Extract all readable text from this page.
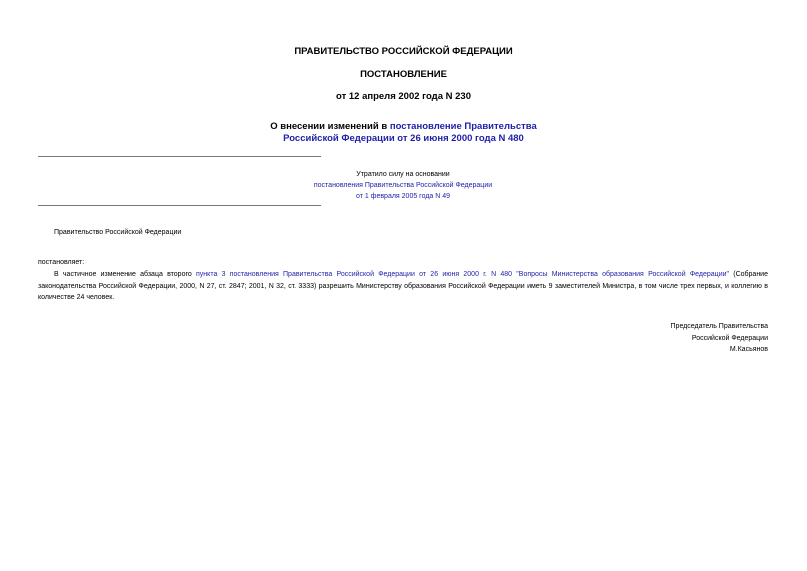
ПРАВИТЕЛЬСТВО РОССИЙСКОЙ ФЕДЕРАЦИИ
ПОСТАНОВЛЕНИЕ
от 12 апреля 2002 года N 230
О внесении изменений в постановление Правительства
Российской Федерации от 26 июня 2000 года N 480
Утратило силу на основании
постановления Правительства Российской Федерации
от 1 февраля 2005 года N 49
Правительство Российской Федерации
постановляет:
В частичное изменение абзаца второго пункта 3 постановления Правительства Российской Федерации от 26 июня 2000 г. N 480 "Вопросы Министерства образования Российской Федерации" (Собрание законодательства Российской Федерации, 2000, N 27, ст. 2847; 2001, N 32, ст. 3333) разрешить Министерству образования Российской Федерации иметь 9 заместителей Министра, в том числе трех первых, и коллегию в количестве 24 человек.
Председатель Правительства
Российской Федерации
М.Касьянов
